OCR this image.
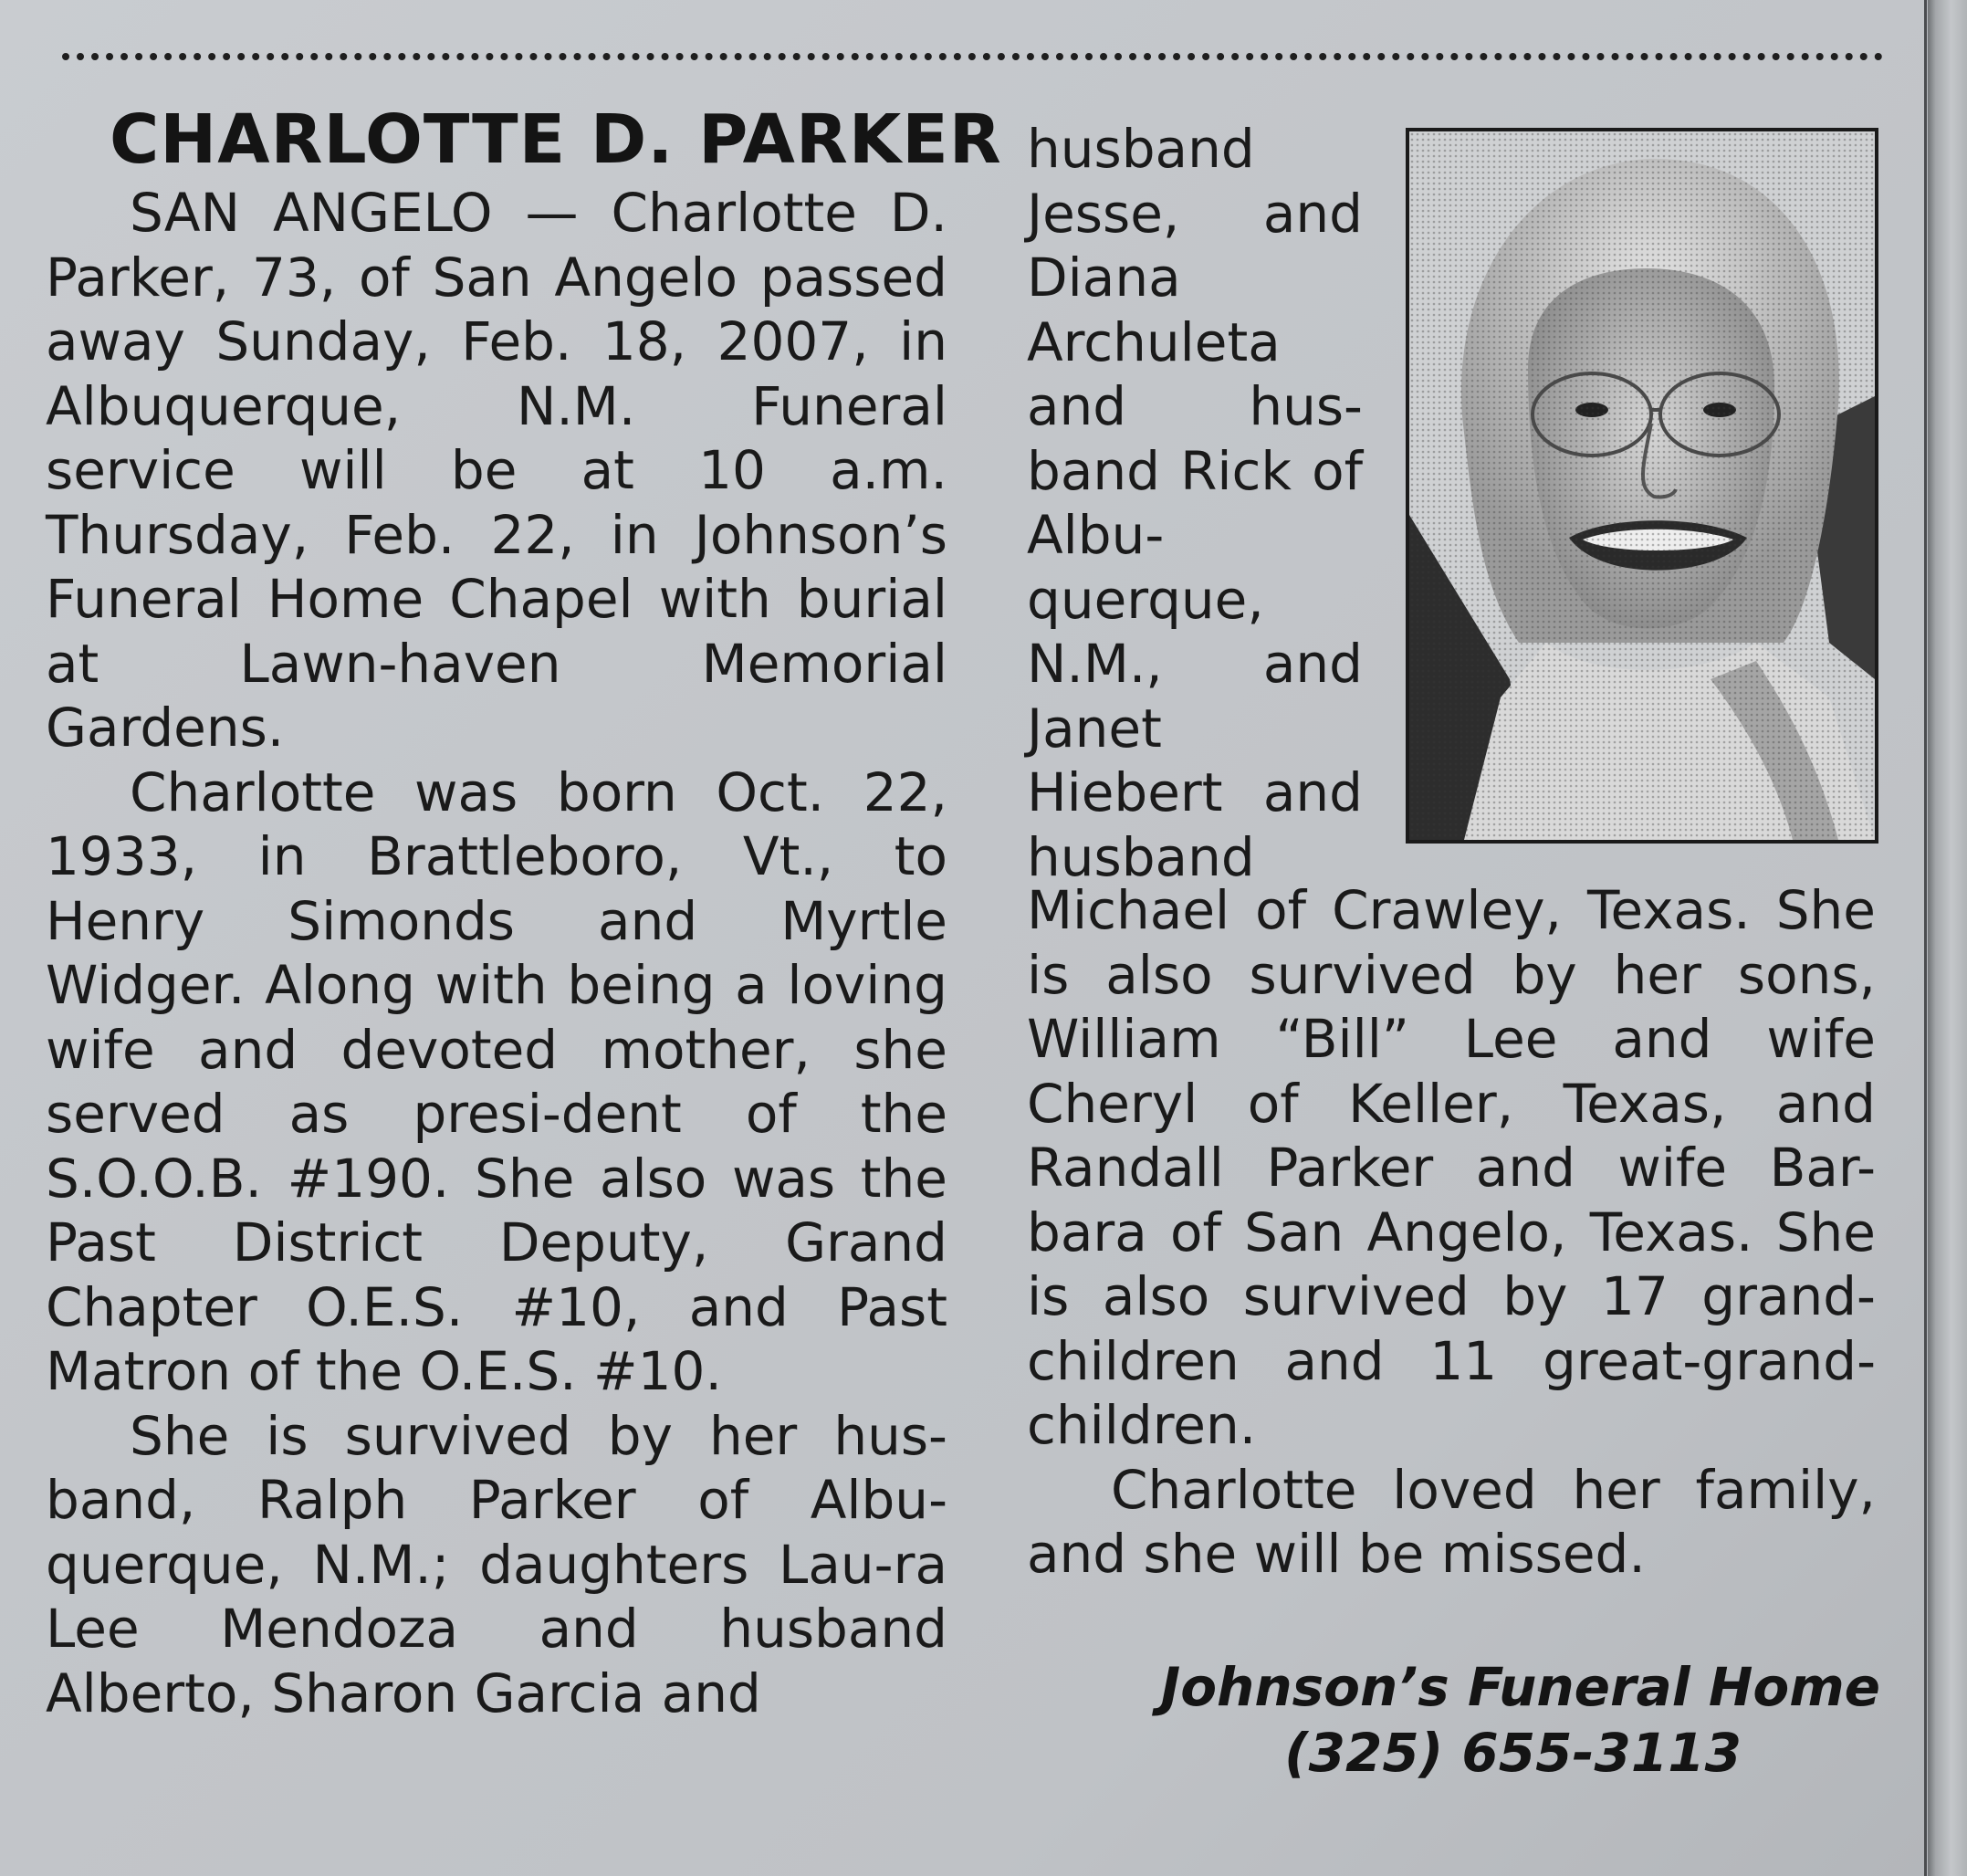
CHARLOTTE D. PARKER

SAN ANGELO — Charlotte D. Parker, 73, of San Angelo passed away Sunday, Feb. 18, 2007, in Albuquerque, N.M. Funeral service will be at 10 a.m. Thursday, Feb. 22, in Johnson’s Funeral Home Chapel with burial at Lawn-haven Memorial Gardens.

Charlotte was born Oct. 22, 1933, in Brattleboro, Vt., to Henry Simonds and Myrtle Widger. Along with being a loving wife and devoted mother, she served as presi-dent of the S.O.O.B. #190. She also was the Past District Deputy, Grand Chapter O.E.S. #10, and Past Matron of the O.E.S. #10.

She is survived by her hus-band, Ralph Parker of Albu-querque, N.M.; daughters Lau-ra Lee Mendoza and husband Alberto, Sharon Garcia and

husband Jesse, and Diana Archuleta and hus-band Rick of Albu-querque, N.M., and Janet Hiebert and husband

Michael of Crawley, Texas. She is also survived by her sons, William “Bill” Lee and wife Cheryl of Keller, Texas, and Randall Parker and wife Bar-bara of San Angelo, Texas. She is also survived by 17 grand-children and 11 great-grand-children.

Charlotte loved her family, and she will be missed.

Johnson’s Funeral Home
(325) 655-3113
